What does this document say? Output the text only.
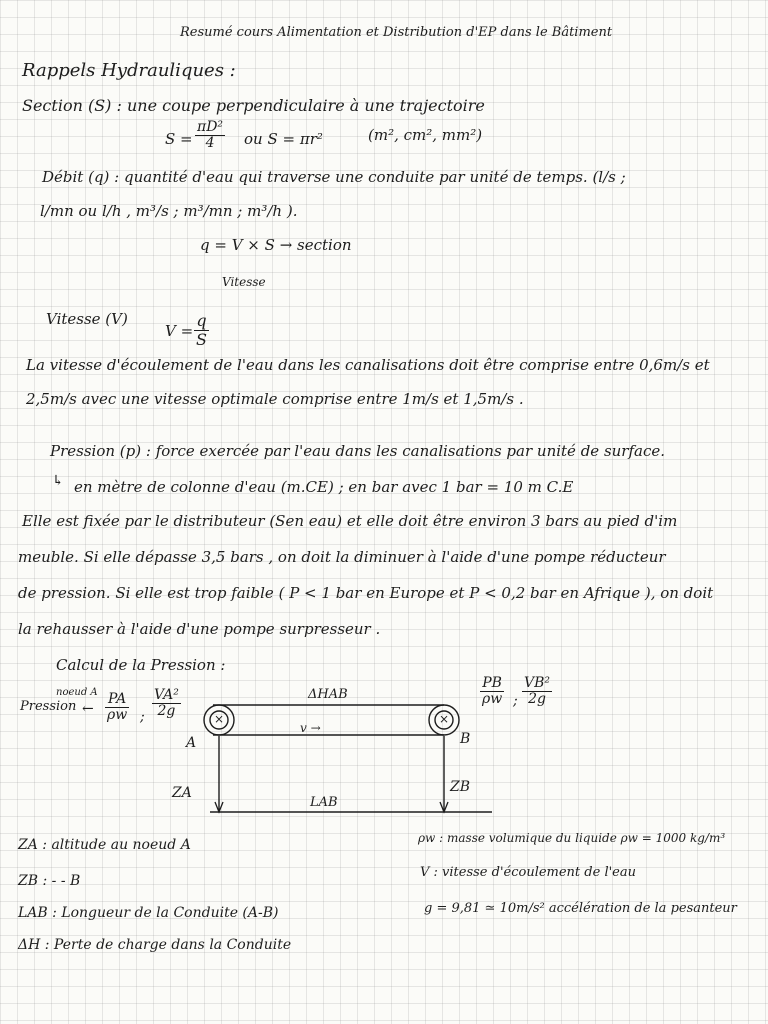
Resumé cours Alimentation et Distribution d'EP dans le Bâtiment
Rappels Hydrauliques :
Section (S) : une coupe perpendiculaire à une trajectoire
$S = \frac{\text{πD²}}{4}$ ou S = πr²	(m², cm², mm²)
Débit (q) : quantité d'eau qui traverse une conduite par unité de temps. (l/s ;
l/mn ou l/h , m³/s ; m³/mn ; m³/h ).
q = V × S → section
Vitesse
Vitesse (V)
$V = \frac{q}{S}$
La vitesse d'écoulement de l'eau dans les canalisations doit être comprise entre 0,6m/s et
2,5m/s avec une vitesse optimale comprise entre 1m/s et 1,5m/s .
Pression (p) : force exercée par l'eau dans les canalisations par unité de surface.
↳ en mètre de colonne d'eau (m.CE) ; en bar avec 1 bar = 10 m C.E
Elle est fixée par le distributeur (Sen eau) et elle doit être environ 3 bars au pied d'im
meuble. Si elle dépasse 3,5 bars , on doit la diminuer à l'aide d'une pompe réducteur
de pression. Si elle est trop faible ( P < 1 bar en Europe et P < 0,2 bar en Afrique ), on doit
la rehausser à l'aide d'une pompe surpresseur .
Calcul de la Pression :
×	×
Pression
noeud A
← $\frac{PA}{\rho w}$ ; $\frac{\text{VA²}}{2g}$	ΔHAB
v →
A	B
ZA	ZB
LAB
$\frac{PB}{\rho w}$ ; $\frac{\text{VB²}}{2g}$
ZA : altitude au noeud A
ZB : - - B
LAB : Longueur de la Conduite (A-B)
ΔH : Perte de charge dans la Conduite
ρw : masse volumique du liquide ρw = 1000 kg/m³
V : vitesse d'écoulement de l'eau
g = 9,81 ≃ 10m/s² accélération de la pesanteur
